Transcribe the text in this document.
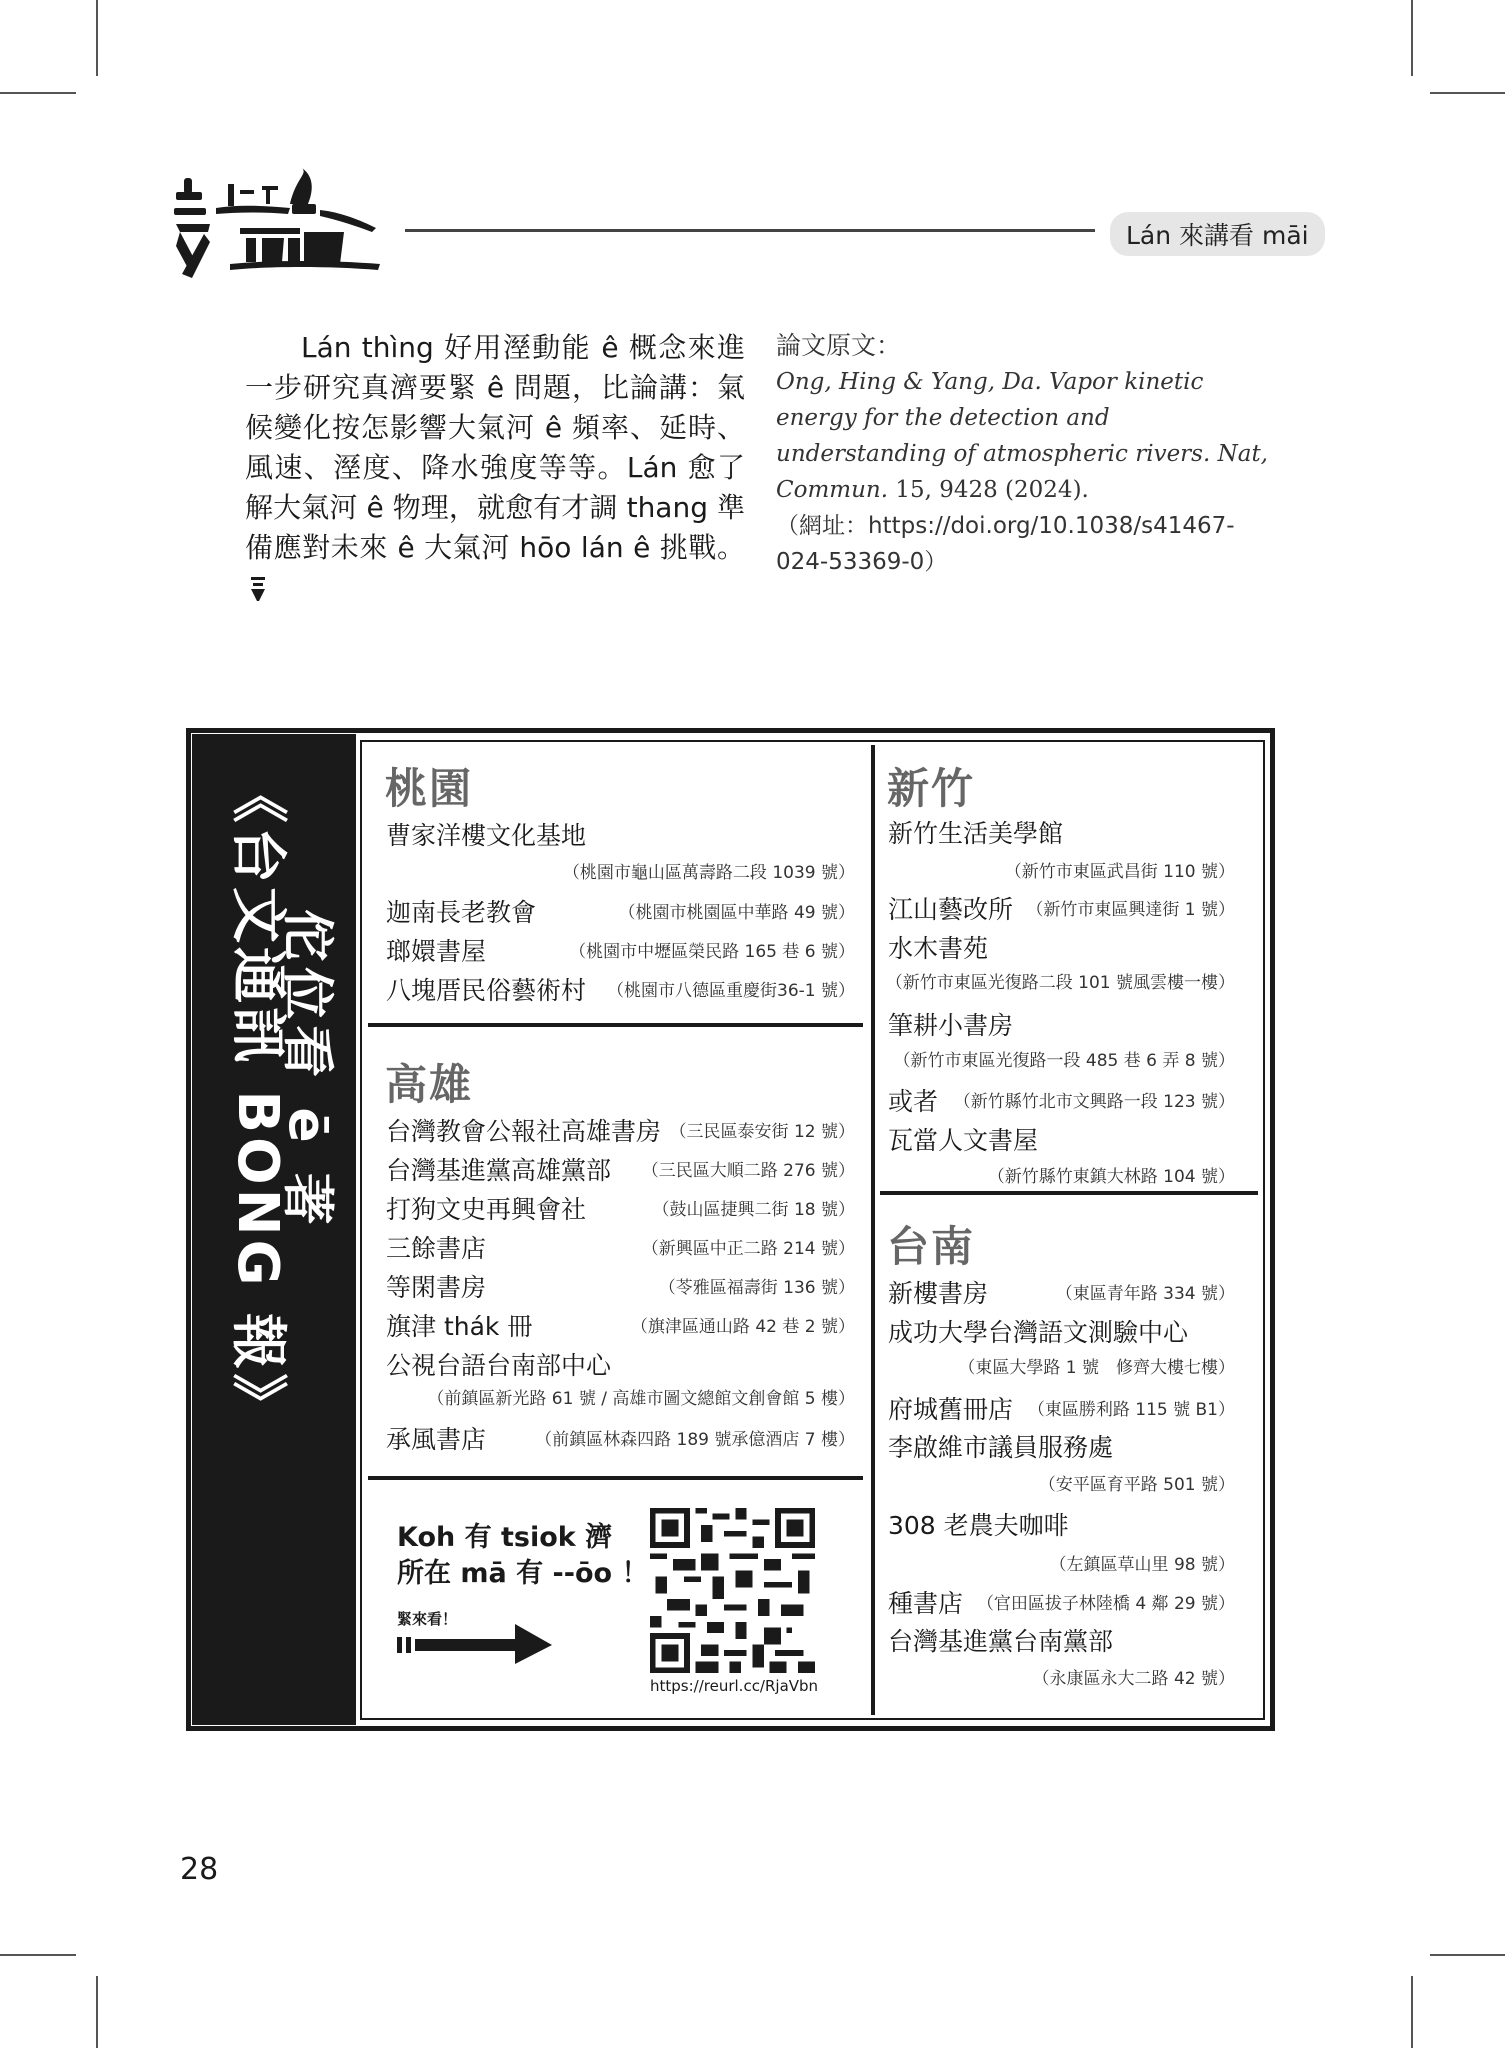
Lán 來講看 māi

Lán thìng 好用溼動能 ê 概念來進一步研究真濟要緊 ê 問題，比論講：氣候變化按怎影響大氣河 ê 頻率、延時、風速、溼度、降水強度等等。Lán 愈了解大氣河 ê 物理，就愈有才調 thang 準備應對未來 ê 大氣河 hōo lán ê 挑戰。

論文原文：
Ong, Hing & Yang, Da. Vapor kinetic energy for the detection and understanding of atmospheric rivers. Nat, Commun. 15, 9428 (2024).
（網址：https://doi.org/10.1038/s41467-024-53369-0）
《台文通訊 BONG 報》
佗位看 ē 著
桃園
曹家洋樓文化基地
（桃園市龜山區萬壽路二段 1039 號）
迦南長老教會	（桃園市桃園區中華路 49 號）
瑯嬛書屋	（桃園市中壢區榮民路 165 巷 6 號）
八塊厝民俗藝術村 （桃園市八德區重慶街36-1 號）
高雄
台灣教會公報社高雄書房 （三民區泰安街 12 號）
台灣基進黨高雄黨部 （三民區大順二路 276 號）
打狗文史再興會社	（鼓山區捷興二街 18 號）
三餘書店	（新興區中正二路 214 號）
等閑書房	（苓雅區福壽街 136 號）
旗津 thák 冊	（旗津區通山路 42 巷 2 號）
公視台語台南部中心
（前鎮區新光路 61 號 / 高雄市圖文總館文創會館 5 樓）
承風書店	（前鎮區林森四路 189 號承億酒店 7 樓）
Koh 有 tsiok 濟
所在 mā 有 --ōo ！
緊來看！
https://reurl.cc/RjaVbn
新竹
新竹生活美學館
（新竹市東區武昌街 110 號）
江山藝改所 （新竹市東區興達街 1 號）
水木書苑
（新竹市東區光復路二段 101 號風雲樓一樓）
筆耕小書房
（新竹市東區光復路一段 485 巷 6 弄 8 號）
或者 （新竹縣竹北市文興路一段 123 號）
瓦當人文書屋
（新竹縣竹東鎮大林路 104 號）
台南
新樓書房	（東區青年路 334 號）
成功大學台灣語文測驗中心
（東區大學路 1 號　修齊大樓七樓）
府城舊冊店 （東區勝利路 115 號 B1）
李啟維市議員服務處
（安平區育平路 501 號）
308 老農夫咖啡
（左鎮區草山里 98 號）
種書店 （官田區拔子林陸橋 4 鄰 29 號）
台灣基進黨台南黨部
（永康區永大二路 42 號）
28
